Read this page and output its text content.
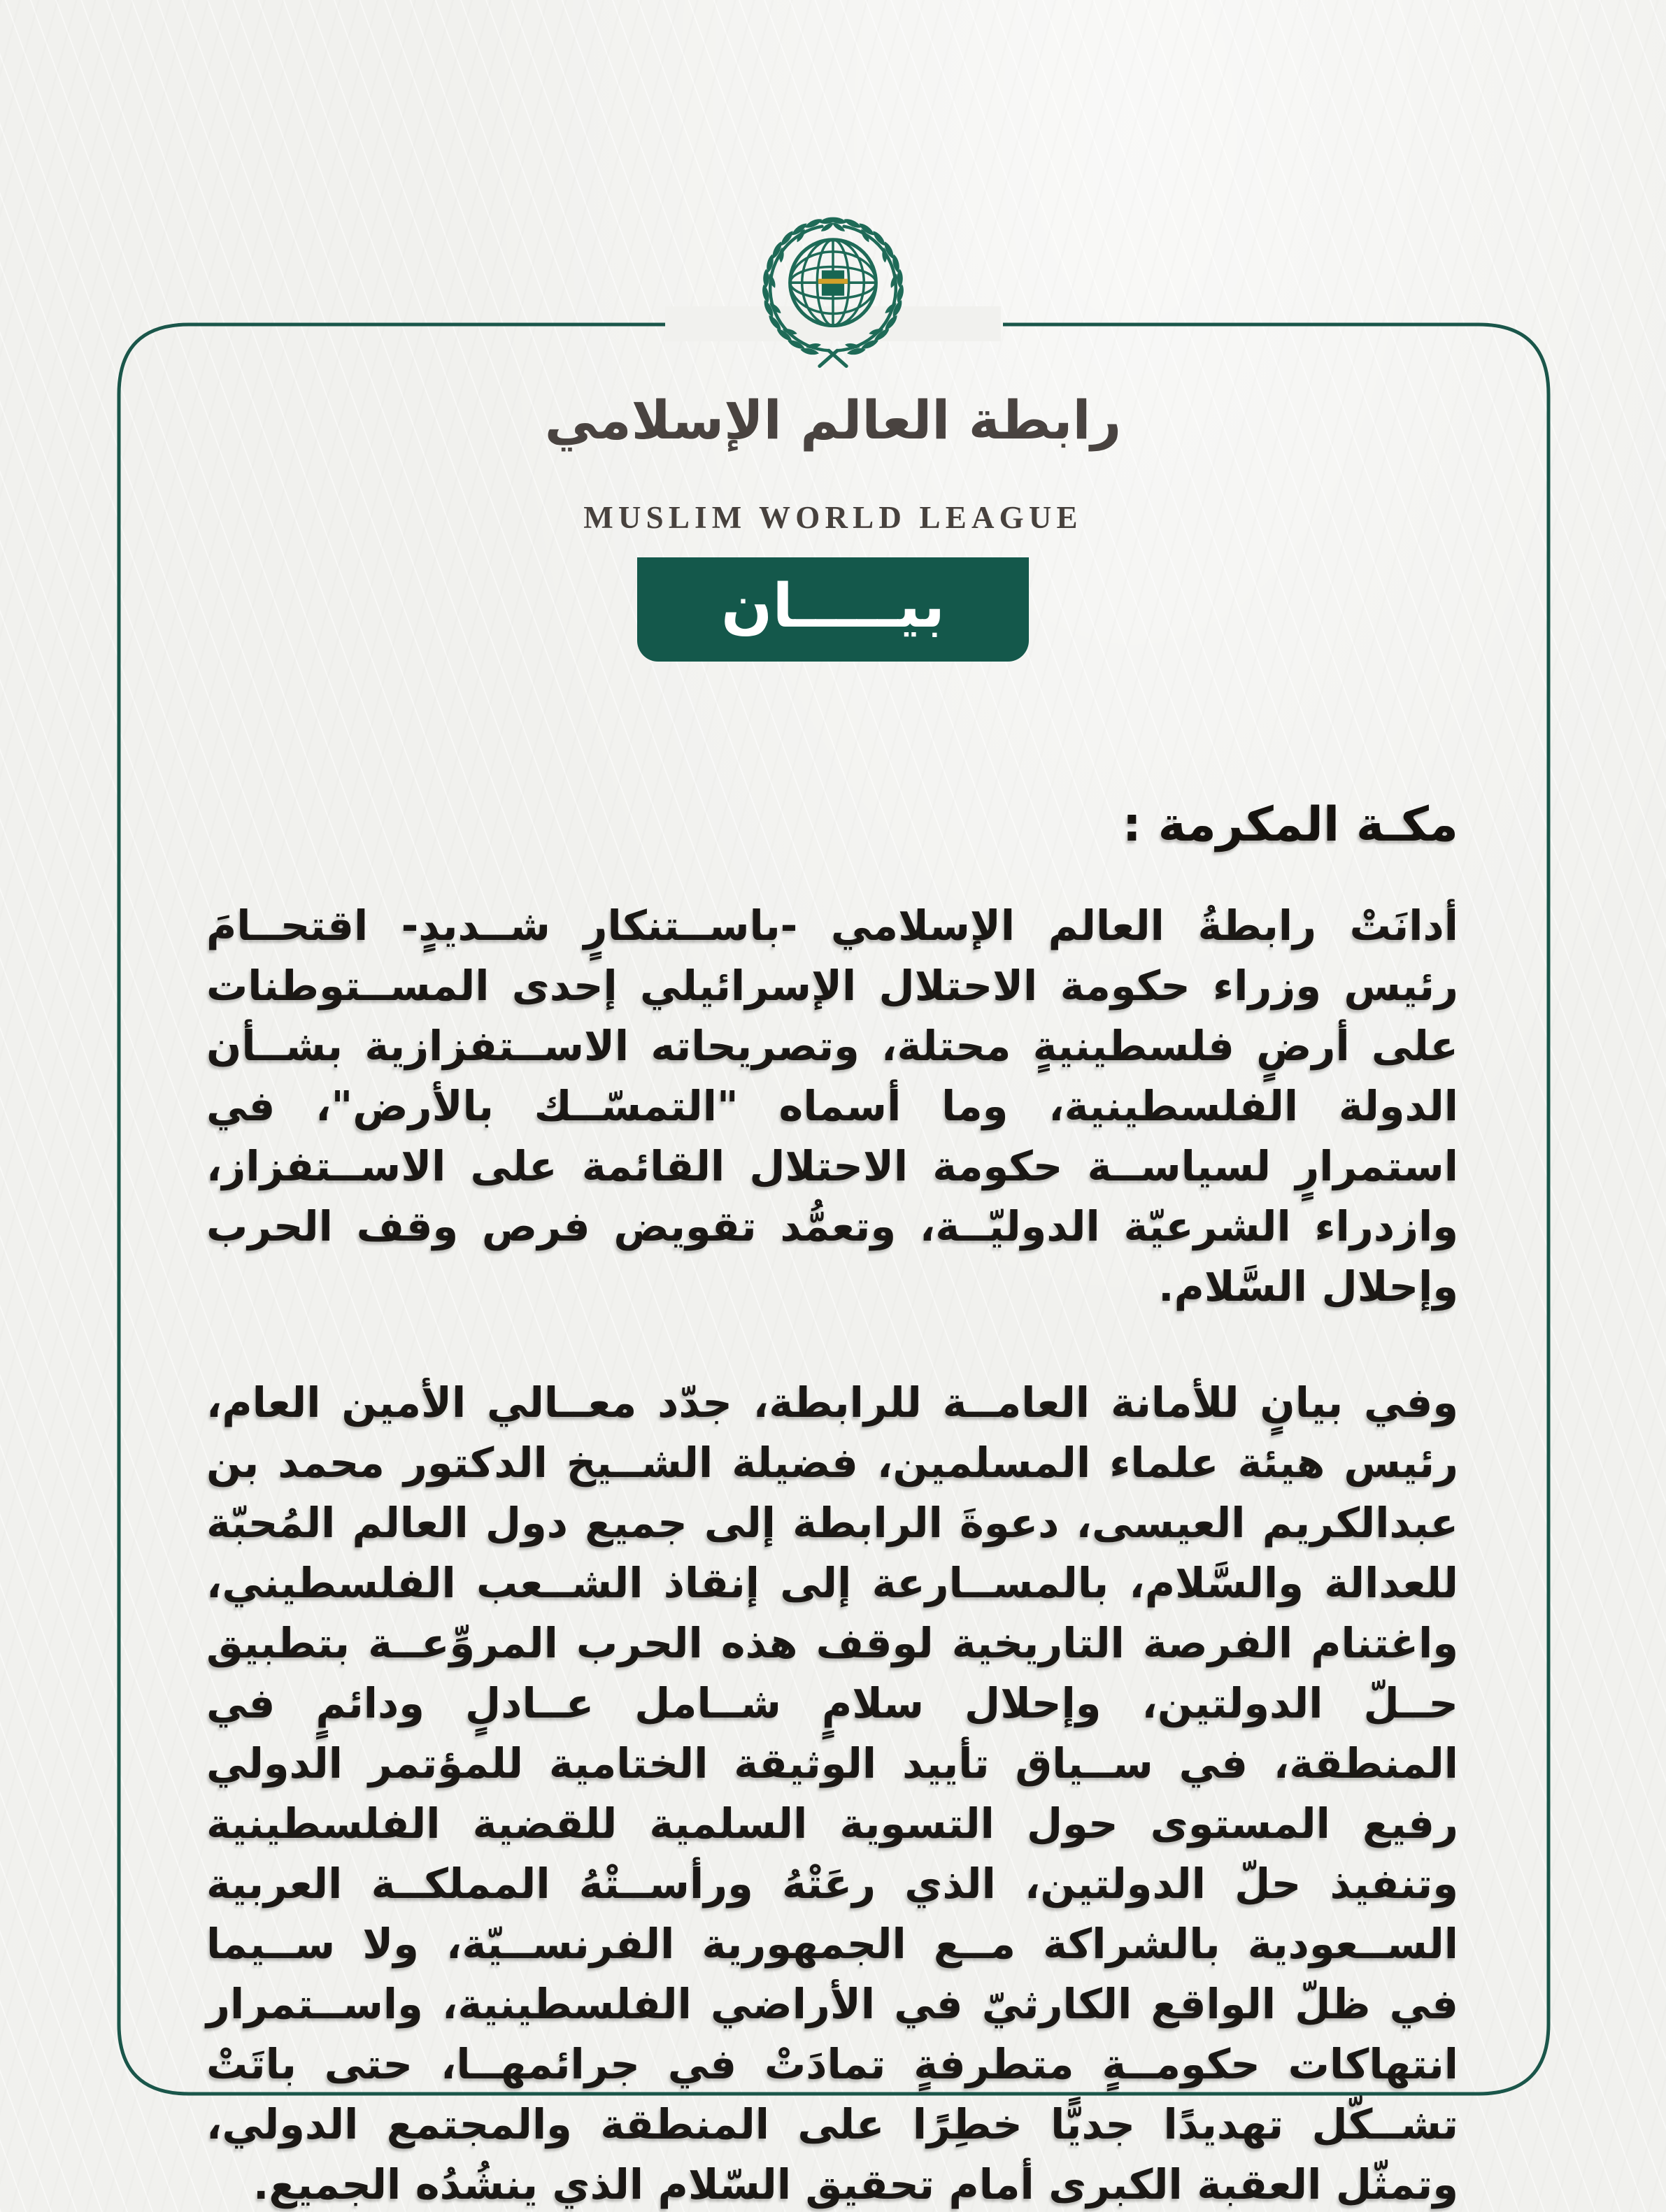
رابطة العالم الإسلامي
MUSLIM WORLD LEAGUE
بيـــــان
مكـة المكرمة :

أدانَتْ رابطةُ العالم الإسلامي -باســتنكارٍ شــديدٍ- اقتحــامَ رئيس وزراء حكومة الاحتلال الإسرائيلي إحدى المســتوطنات على أرضٍ فلسطينيةٍ محتلة، وتصريحاته الاســتفزازية بشــأن الدولة الفلسطينية، وما أسماه "التمسّــك بالأرض"، في استمرارٍ لسياســة حكومة الاحتلال القائمة على الاســتفزاز، وازدراء الشرعيّة الدوليّــة، وتعمُّد تقويض فرص وقف الحرب وإحلال السَّلام.

وفي بيانٍ للأمانة العامــة للرابطة، جدّد معــالي الأمين العام، رئيس هيئة علماء المسلمين، فضيلة الشــيخ الدكتور محمد بن عبدالكريم العيسى، دعوةَ الرابطة إلى جميع دول العالم المُحبّة للعدالة والسَّلام، بالمســارعة إلى إنقاذ الشــعب الفلسطيني، واغتنام الفرصة التاريخية لوقف هذه الحرب المروِّعــة بتطبيق حــلّ الدولتين، وإحلال سلامٍ شــامل عــادلٍ ودائمٍ في المنطقة، في ســياق تأييد الوثيقة الختامية للمؤتمر الدولي رفيع المستوى حول التسوية السلمية للقضية الفلسطينية وتنفيذ حلّ الدولتين، الذي رعَتْهُ ورأســتْهُ المملكــة العربية الســعودية بالشراكة مــع الجمهورية الفرنســيّة، ولا ســيما في ظلّ الواقع الكارثيّ في الأراضي الفلسطينية، واســتمرار انتهاكات حكومــةٍ متطرفةٍ تمادَتْ في جرائمهــا، حتى باتَتْ تشــكّل تهديدًا جديًّا خطِرًا على المنطقة والمجتمع الدولي، وتمثّل العقبة الكبرى أمام تحقيق السّلام الذي ينشُدُه الجميع.
